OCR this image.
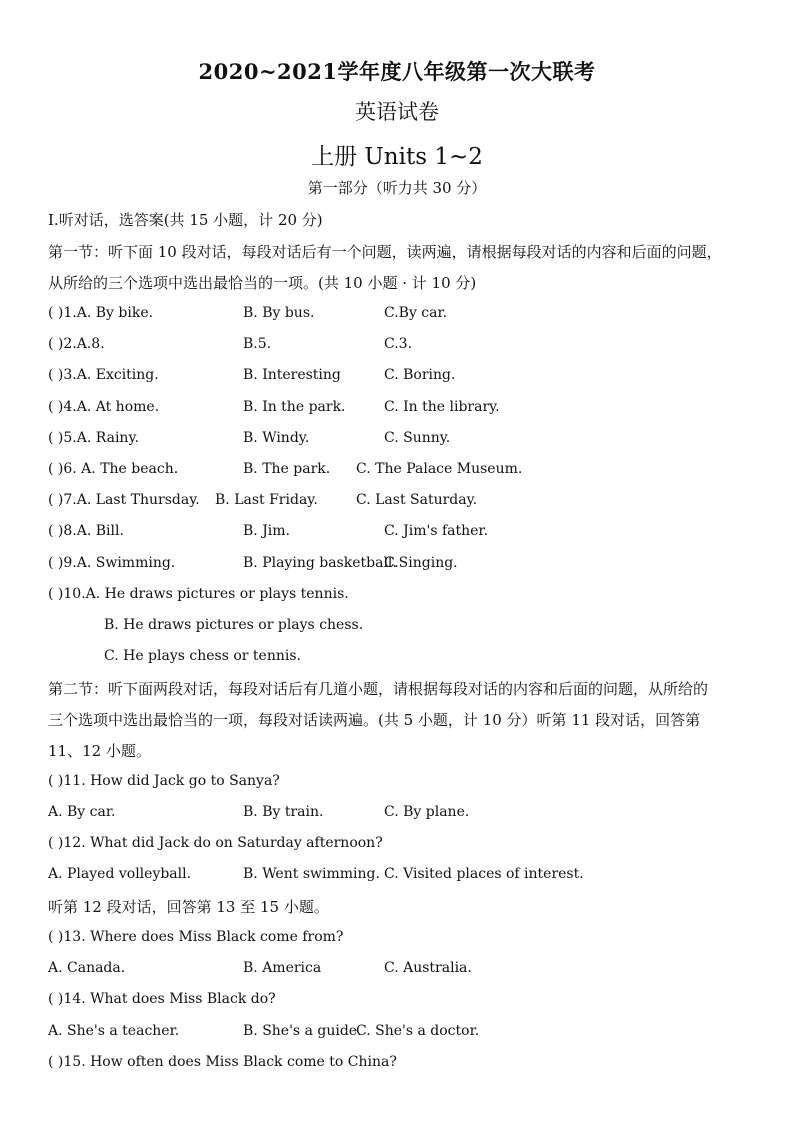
2020~2021学年度八年级第一次大联考
英语试卷
上册 Units 1~2
第一部分（听力共 30 分）
I.听对话，选答案(共 15 小题，计 20 分)
第一节：听下面 10 段对话，每段对话后有一个问题，读两遍，请根据每段对话的内容和后面的问题，
从所给的三个选项中选出最恰当的一项。(共 10 小题 · 计 10 分)
( )1.A. By bike.	B. By bus.	C.By car.
( )2.A.8.	B.5.	C.3.
( )3.A. Exciting.	B. Interesting	C. Boring.
( )4.A. At home.	B. In the park.	C. In the library.
( )5.A. Rainy.	B. Windy.	C. Sunny.
( )6. A. The beach.	B. The park. C. The Palace Museum.
( )7.A. Last Thursday. B. Last Friday.	C. Last Saturday.
( )8.A. Bill.	B. Jim.	C. Jim's father.
( )9.A. Swimming.	B. Playing basketball.
C.Singing.
( )10.A. He draws pictures or plays tennis.
B. He draws pictures or plays chess.
C. He plays chess or tennis.
第二节：听下面两段对话，每段对话后有几道小题，请根据每段对话的内容和后面的问题，从所给的
三个选项中选出最恰当的一项，每段对话读两遍。(共 5 小题，计 10 分）听第 11 段对话，回答第
11、12 小题。
( )11. How did Jack go to Sanya?
A. By car.	B. By train.	C. By plane.
( )12. What did Jack do on Saturday afternoon?
A. Played volleyball.	B. Went swimming. C. Visited places of interest.
听第 12 段对话，回答第 13 至 15 小题。
( )13. Where does Miss Black come from?
A. Canada.	B. America	C. Australia.
( )14. What does Miss Black do?
A. She's a teacher.	B. She's a guide.
C. She's a doctor.
( )15. How often does Miss Black come to China?
